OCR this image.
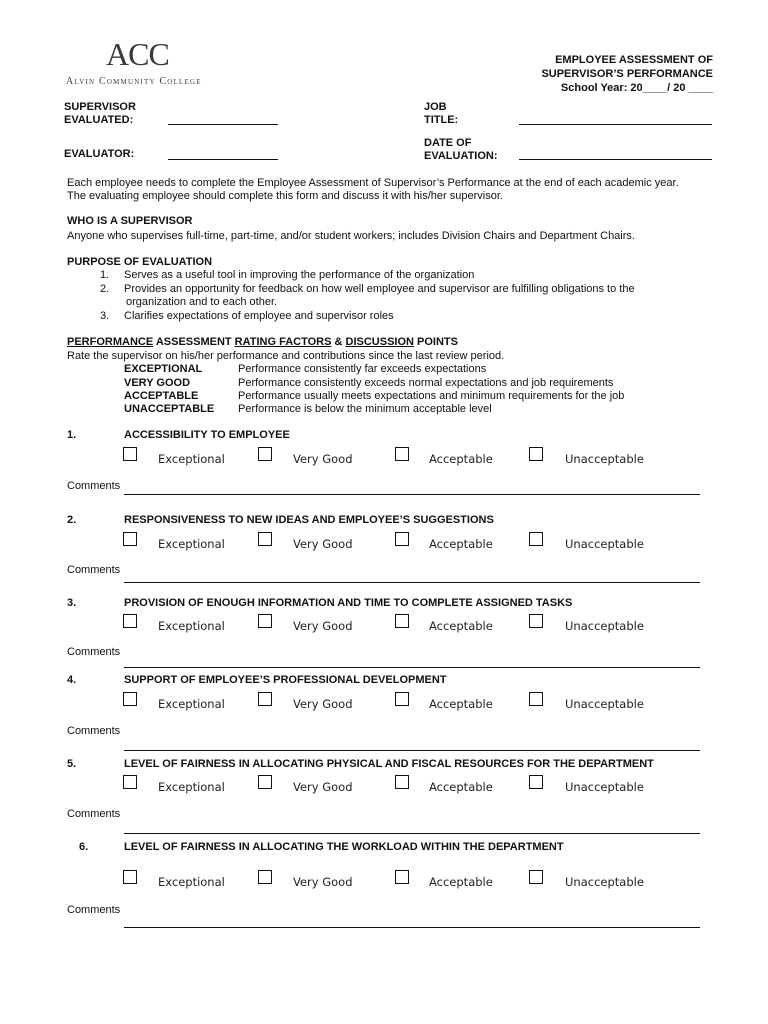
ACC
Alvin Community College
EMPLOYEE ASSESSMENT OF
SUPERVISOR’S PERFORMANCE
School Year: 20____/ 20 ____
SUPERVISOR
EVALUATED:
JOB
TITLE:
EVALUATOR:
DATE OF
EVALUATION:
Each employee needs to complete the Employee Assessment of Supervisor’s Performance at the end of each academic year.
The evaluating employee should complete this form and discuss it with his/her supervisor.
WHO IS A SUPERVISOR
Anyone who supervises full-time, part-time, and/or student workers; includes Division Chairs and Department Chairs.
PURPOSE OF EVALUATION
1. Serves as a useful tool in improving the performance of the organization
2. Provides an opportunity for feedback on how well employee and supervisor are fulfilling obligations to the
organization and to each other.
3. Clarifies expectations of employee and supervisor roles
PERFORMANCE ASSESSMENT RATING FACTORS & DISCUSSION POINTS
Rate the supervisor on his/her performance and contributions since the last review period.
EXCEPTIONAL	Performance consistently far exceeds expectations
VERY GOOD	Performance consistently exceeds normal expectations and job requirements
ACCEPTABLE	Performance usually meets expectations and minimum requirements for the job
UNACCEPTABLE Performance is below the minimum acceptable level
1.	ACCESSIBILITY TO EMPLOYEE
Exceptional	Very Good	Acceptable	Unacceptable
Comments
2.	RESPONSIVENESS TO NEW IDEAS AND EMPLOYEE’S SUGGESTIONS
Exceptional	Very Good	Acceptable	Unacceptable
Comments
3.	PROVISION OF ENOUGH INFORMATION AND TIME TO COMPLETE ASSIGNED TASKS
Exceptional	Very Good	Acceptable	Unacceptable
Comments
4.	SUPPORT OF EMPLOYEE’S PROFESSIONAL DEVELOPMENT
Exceptional	Very Good	Acceptable	Unacceptable
Comments
5.	LEVEL OF FAIRNESS IN ALLOCATING PHYSICAL AND FISCAL RESOURCES FOR THE DEPARTMENT
Exceptional	Very Good	Acceptable	Unacceptable
Comments
6.	LEVEL OF FAIRNESS IN ALLOCATING THE WORKLOAD WITHIN THE DEPARTMENT
Exceptional	Very Good	Acceptable	Unacceptable
Comments
